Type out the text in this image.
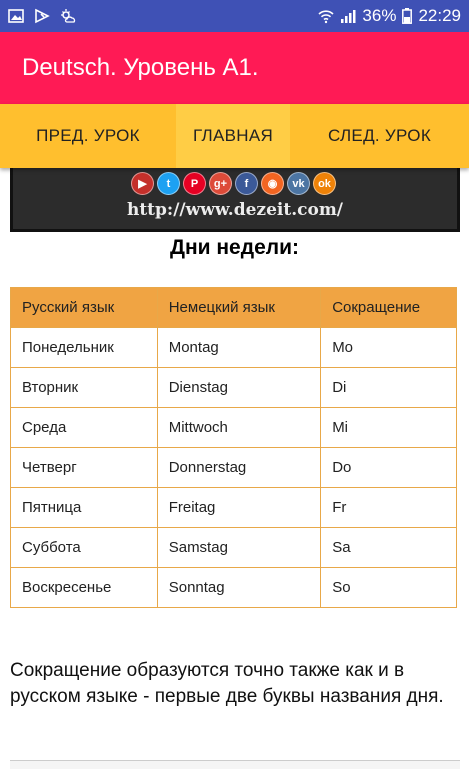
36% 22:29
Deutsch. Уровень А1.
ПРЕД. УРОК	ГЛАВНАЯ	СЛЕД. УРОК
▶	t	P	g+	f	◉	vk	ok
http://www.dezeit.com/
Дни недели:
Русский язык	Немецкий язык	Сокращение
Понедельник	Montag	Mo
Вторник	Dienstag	Di
Среда	Mittwoch	Mi
Четверг	Donnerstag	Do
Пятница	Freitag	Fr
Суббота	Samstag	Sa
Воскресенье	Sonntag	So
Сокращение образуются точно также как и в русском языке - первые две буквы названия дня.
